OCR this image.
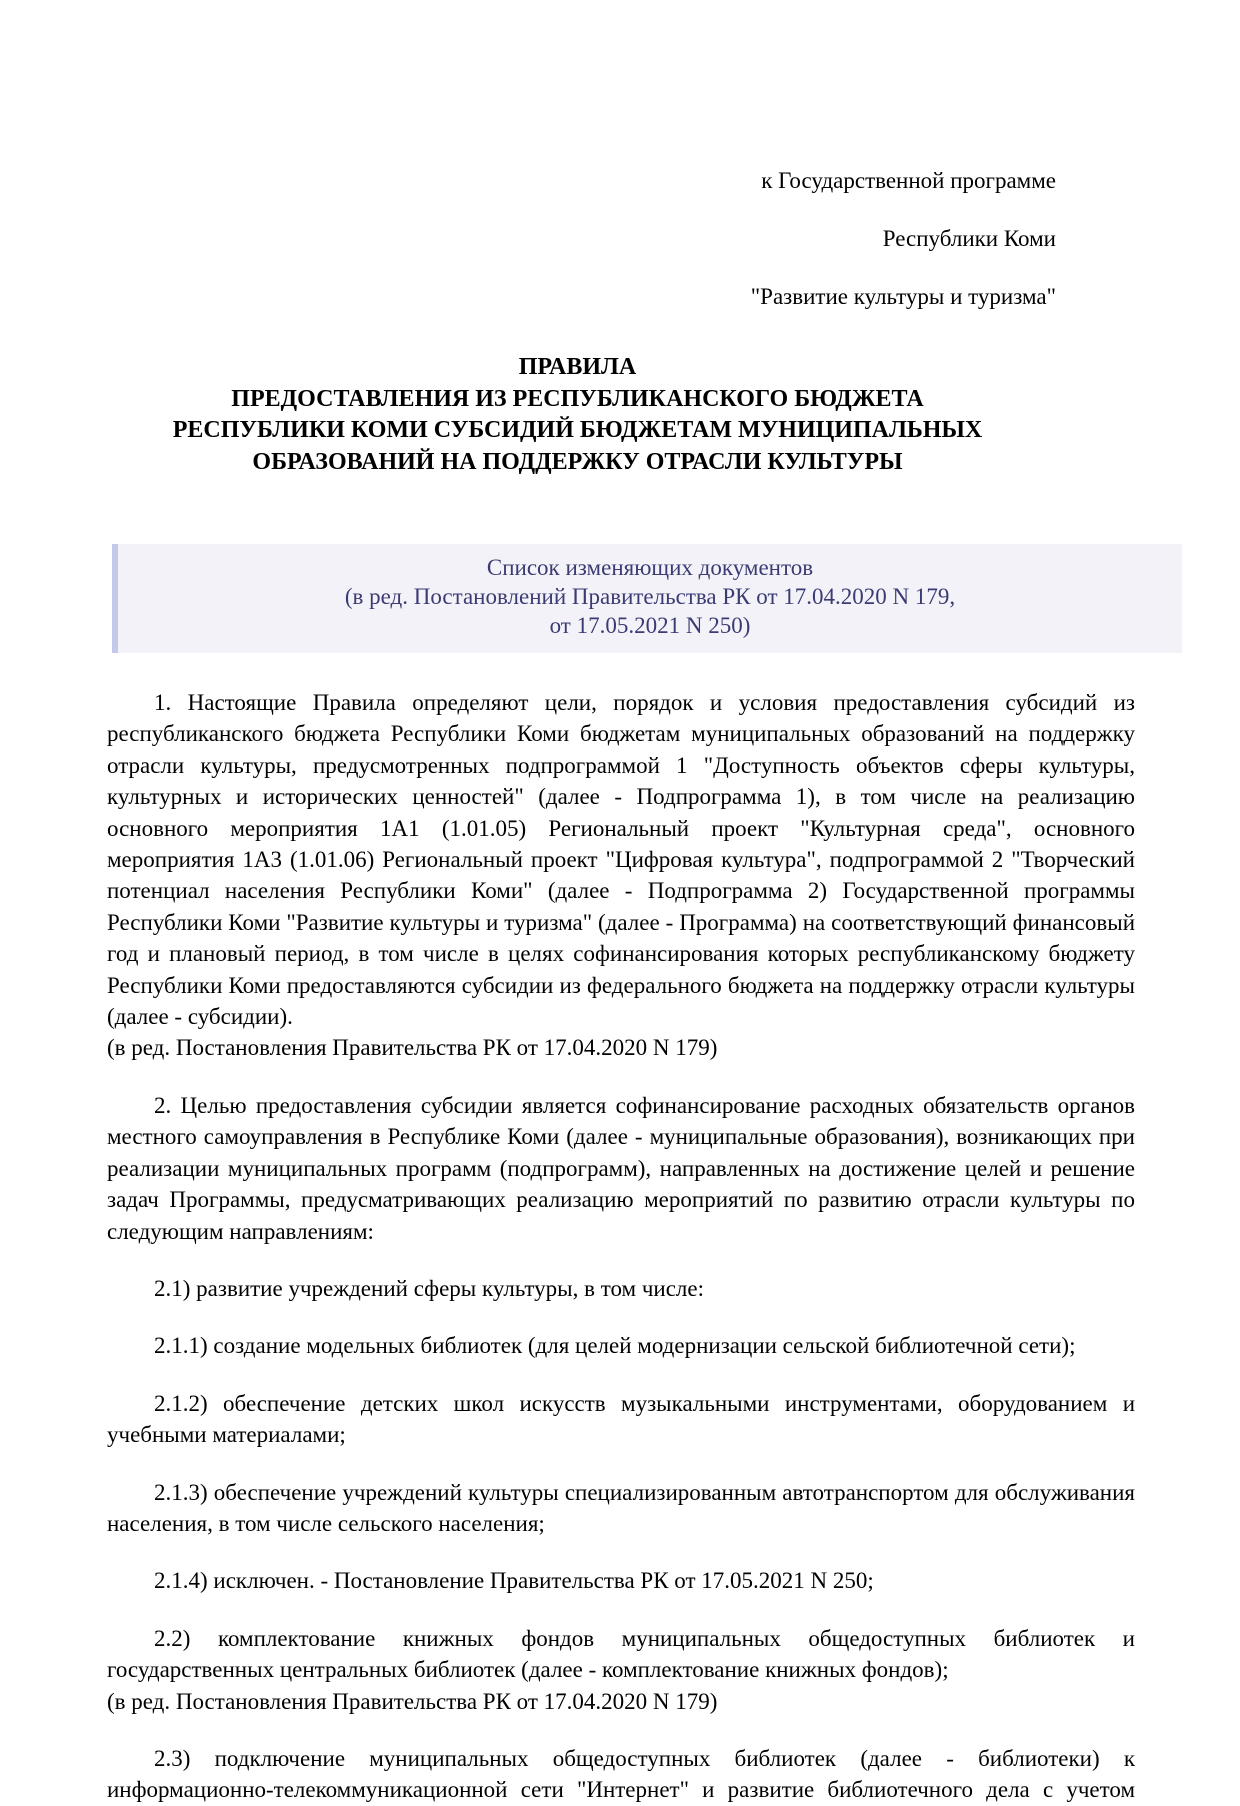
к Государственной программе

Республики Коми

"Развитие культуры и туризма"

ПРАВИЛА
ПРЕДОСТАВЛЕНИЯ ИЗ РЕСПУБЛИКАНСКОГО БЮДЖЕТА
РЕСПУБЛИКИ КОМИ СУБСИДИЙ БЮДЖЕТАМ МУНИЦИПАЛЬНЫХ
ОБРАЗОВАНИЙ НА ПОДДЕРЖКУ ОТРАСЛИ КУЛЬТУРЫ
Список изменяющих документов
(в ред. Постановлений Правительства РК от 17.04.2020 N 179,
от 17.05.2021 N 250)

1. Настоящие Правила определяют цели, порядок и условия предоставления субсидий из республиканского бюджета Республики Коми бюджетам муниципальных образований на поддержку отрасли культуры, предусмотренных подпрограммой 1 "Доступность объектов сферы культуры, культурных и исторических ценностей" (далее - Подпрограмма 1), в том числе на реализацию основного мероприятия 1А1 (1.01.05) Региональный проект "Культурная среда", основного мероприятия 1А3 (1.01.06) Региональный проект "Цифровая культура", подпрограммой 2 "Творческий потенциал населения Республики Коми" (далее - Подпрограмма 2) Государственной программы Республики Коми "Развитие культуры и туризма" (далее - Программа) на соответствующий финансовый год и плановый период, в том числе в целях софинансирования которых республиканскому бюджету Республики Коми предоставляются субсидии из федерального бюджета на поддержку отрасли культуры (далее - субсидии).

(в ред. Постановления Правительства РК от 17.04.2020 N 179)

2. Целью предоставления субсидии является софинансирование расходных обязательств органов местного самоуправления в Республике Коми (далее - муниципальные образования), возникающих при реализации муниципальных программ (подпрограмм), направленных на достижение целей и решение задач Программы, предусматривающих реализацию мероприятий по развитию отрасли культуры по следующим направлениям:

2.1) развитие учреждений сферы культуры, в том числе:

2.1.1) создание модельных библиотек (для целей модернизации сельской библиотечной сети);

2.1.2) обеспечение детских школ искусств музыкальными инструментами, оборудованием и учебными материалами;

2.1.3) обеспечение учреждений культуры специализированным автотранспортом для обслуживания населения, в том числе сельского населения;

2.1.4) исключен. - Постановление Правительства РК от 17.05.2021 N 250;

2.2) комплектование книжных фондов муниципальных общедоступных библиотек и государственных центральных библиотек (далее - комплектование книжных фондов);

(в ред. Постановления Правительства РК от 17.04.2020 N 179)

2.3) подключение муниципальных общедоступных библиотек (далее - библиотеки) к информационно-телекоммуникационной сети "Интернет" и развитие библиотечного дела с учетом
